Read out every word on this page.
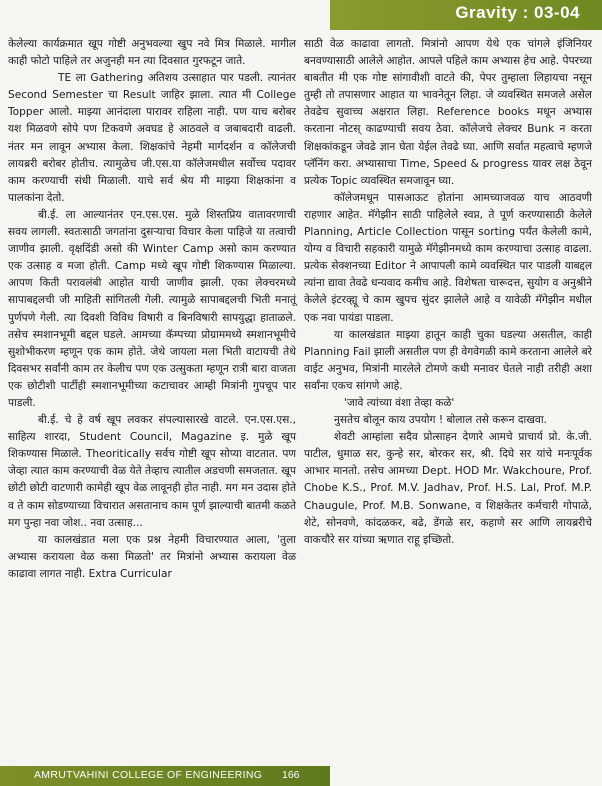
Gravity : 03-04

केलेल्या कार्यक्रमात खूप गोष्टी अनुभवल्या खुप नवे मित्र मिळाले. मागील काही फोटो पाहिले तर अजुनही मन त्या दिवसात गुरफटून जाते.

TE ला Gathering अतिशय उत्साहात पार पडली. त्यानंतर Second Semester चा Result जाहिर झाला. त्यात मी College Topper आलो. माझ्या आनंदाला पारावर राहिला नाही. पण याच बरोबर यश मिळवणे सोपे पण टिकवणे अवघड हे आठवले व जबाबदारी वाढली. नंतर मन लावून अभ्यास केला. शिक्षकांचे नेहमी मार्गदर्शन व कॉलेजची लायब्ररी बरोबर होतीच. त्यामुळेच जी.एस.या कॉलेजमधील सर्वोच्च पदावर काम करण्याची संधी मिळाली. याचे सर्व श्रेय मी माझ्या शिक्षकांना व पालकांना देतो.

बी.ई. ला आल्यानंतर एन.एस.एस. मुळे शिस्तप्रिय वातावरणाची सवय लागली. स्वतःसाठी जगतांना दुसऱ्याचा विचार केला पाहिजे या तत्वाची जाणीव झाली. वृक्षदिंडी असो की Winter Camp असो काम करण्यात एक उत्साह व मजा होती. Camp मध्ये खूप गोष्टी शिकण्यास मिळाल्या. आपण किती परावलंबी आहोत याची जाणीव झाली. एका लेक्चरमध्ये सापाबद्दलची जी माहिती सांगितली गेली. त्यामुळे सापाबद्दलची भिती मनातूं पुर्णपणे गेली. त्या दिवशी विविध विषारी व बिनविषारी सापयुद्धा हाताळले. तसेच स्मशानभूमी बद्दल घडले. आमच्या कॅम्पच्या प्रोग्राममध्ये स्मशानभूमीचे सुशोभीकरण म्हणून एक काम होते. जेथे जायला मला भिती वाटायची तेथे दिवसभर सर्वांनी काम तर केलीच पण एक उत्सुकता म्हणून रात्री बारा वाजता एक छोटीशी पार्टीही स्मशानभूमीच्या कटाचावर आम्ही मित्रांनी गुपचूप पार पाडली.

बी.ई. चे हे वर्ष खूप लवकर संपल्यासारखे वाटले. एन.एस.एस., साहित्य शारदा, Student Council, Magazine इ. मुळे खूप शिकण्यास मिळाले. Theoritically सर्वच गोष्टी खूप सोप्या वाटतात. पण जेव्हा त्यात काम करण्याची वेळ येते तेव्हाच त्यातील अडचणी समजतात. खूप छोटी छोटी वाटणारी कामेही खूप वेळ लावूनही होत नाही. मग मन उदास होते व ते काम सोडण्याच्या विचारात असतानाच काम पूर्ण झाल्याची बातमी कळते मग पुन्हा नवा जोश.. नवा उत्साह...

या कालखंडात मला एक प्रश्न नेहमी विचारण्यात आला, 'तुला अभ्यास करायला वेळ कसा मिळतो' तर मित्रांनो अभ्यास करायला वेळ काढावा लागत नाही. Extra Curricular

साठी वेळ काढावा लागतो. मित्रांनो आपण येथे एक चांगले इंजिनियर बनवण्यासाठी आलेले आहोत. आपले पहिले काम अभ्यास हेच आहे. पेपरच्या बाबतीत मी एक गोष्ट सांगावीशी वाटते की, पेपर तुम्हाला लिहायचा नसून तुम्ही तो तपासणार आहात या भावनेतून लिहा. जे व्यवस्थित समजले असेल तेवढेच सुवाच्च अक्षरात लिहा. Reference books मधून अभ्यास करताना नोटस् काढण्याची सवय ठेवा. कॉलेजचे लेक्चर Bunk न करता शिक्षकांकडून जेवढे ज्ञान घेता येईल तेवढे घ्या. आणि सर्वात महत्वाचे म्हणजे प्लॅनिंग करा. अभ्यासाचा Time, Speed & progress यावर लक्ष ठेवून प्रत्येक Topic व्यवस्थित समजावून घ्या.

कॉलेजमधून पासआऊट होतांना आमच्याजवळ याच आठवणी राहणार आहेत. मॅगेझीन साठी पाहिलेले स्वप्न, ते पूर्ण करण्यासाठी केलेले Planning, Article Collection पासून sorting पर्यंत केलेली कामे, योग्य व विचारी सहकारी यामुळे मॅगेझीनमध्ये काम करण्याचा उत्साह वाढला. प्रत्येक सेक्शनच्या Editor ने आपापली कामे व्यवस्थित पार पाडली याबद्दल त्यांना द्यावा तेवढे धन्यवाद कमीच आहे. विशेषता चारूदत्त, सुयोग व अनुश्रीने केलेले इंटरव्ह्यू चे काम खुपच सुंदर झालेले आहे व यावेळी मॅगेझीन मधील एक नवा पायंडा पाडला.

या कालखंडात माझ्या हातून काही चुका घडल्या असतील, काही Planning Fail झाली असतील पण ही वेगवेगळी कामे करताना आलेले बरे वाईट अनुभव, मित्रांनी मारलेले टोमणे कधी मनावर घेतले नाही तरीही अशा सर्वांना एकच सांगणे आहे.

'जावे त्यांच्या वंशा तेव्हा कळे'

नुसतेच बोलून काय उपयोग ! बोलाल तसे करून दाखवा.

शेवटी आम्हांला सदैव प्रोत्साहन देणारे आमचे प्राचार्य प्रो. के.जी. पाटील, धुमाळ सर, कुन्हे सर, बोरकर सर, श्री. दिघे सर यांचे मनःपूर्वक आभार मानतो. तसेच आमच्या Dept. HOD Mr. Wakchoure, Prof. Chobe K.S., Prof. M.V. Jadhav, Prof. H.S. Lal, Prof. M.P. Chaugule, Prof. M.B. Sonwane, व शिक्षकेतर कर्मचारी गोपाळे, शेटे, सोनवणे, कांदळकर, बढे, डेंगळे सर, कहाणे सर आणि लायब्ररीचे वाकचौरे सर यांच्या ऋणात राहू इच्छितो.

AMRUTVAHINI COLLEGE OF ENGINEERING 166
